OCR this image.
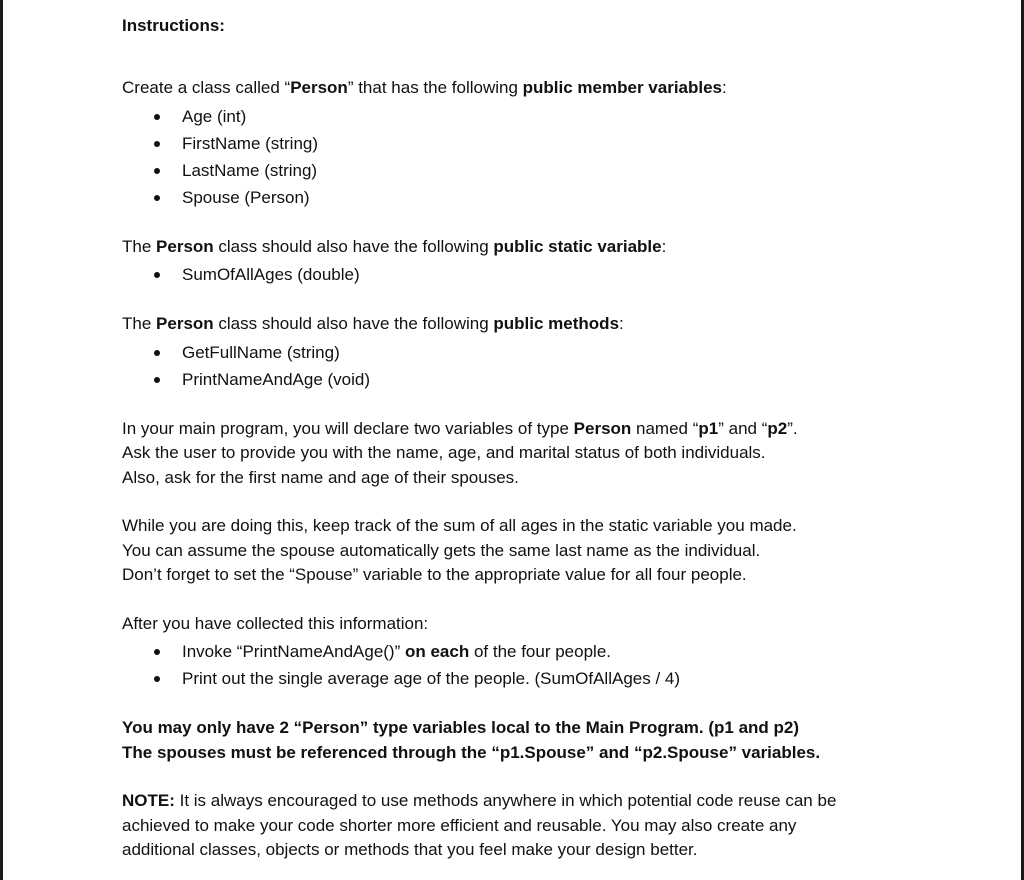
Instructions:

Create a class called “Person” that has the following public member variables:

Age (int)
FirstName (string)
LastName (string)
Spouse (Person)

The Person class should also have the following public static variable:

SumOfAllAges (double)

The Person class should also have the following public methods:

GetFullName (string)
PrintNameAndAge (void)

In your main program, you will declare two variables of type Person named “p1” and “p2”.

Ask the user to provide you with the name, age, and marital status of both individuals.

Also, ask for the first name and age of their spouses.

While you are doing this, keep track of the sum of all ages in the static variable you made.

You can assume the spouse automatically gets the same last name as the individual.

Don’t forget to set the “Spouse” variable to the appropriate value for all four people.

After you have collected this information:

Invoke “PrintNameAndAge()” on each of the four people.
Print out the single average age of the people. (SumOfAllAges / 4)

You may only have 2 “Person” type variables local to the Main Program. (p1 and p2)

The spouses must be referenced through the “p1.Spouse” and “p2.Spouse” variables.

NOTE: It is always encouraged to use methods anywhere in which potential code reuse can be

achieved to make your code shorter more efficient and reusable. You may also create any

additional classes, objects or methods that you feel make your design better.
